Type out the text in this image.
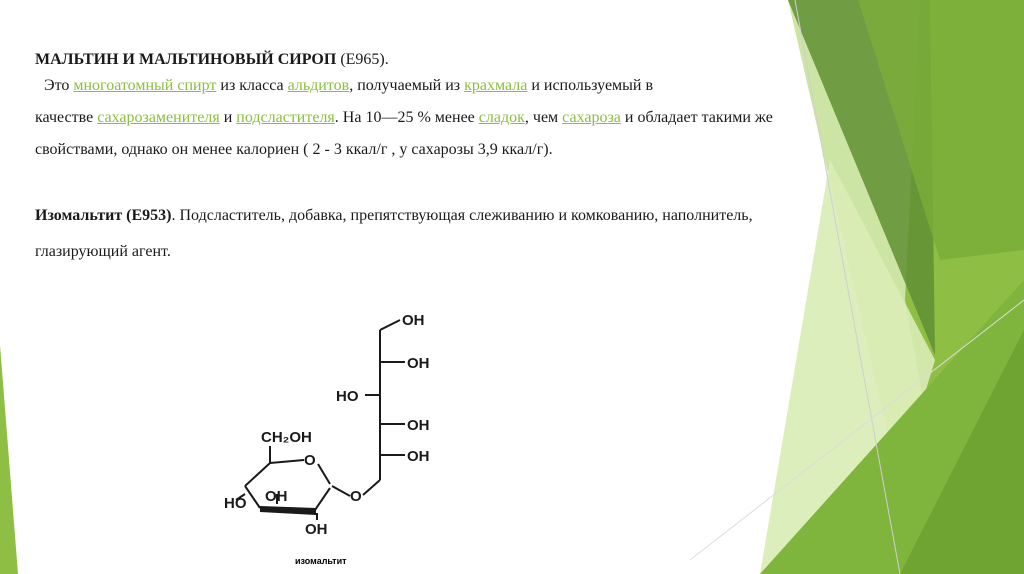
МАЛЬТИН И МАЛЬТИНОВЫЙ СИРОП (E965).
Это многоатомный спирт из класса альдитов, получаемый из крахмала и используемый в
качестве сахарозаменителя и подсластителя. На 10—25 % менее сладок, чем сахароза и обладает такими же
свойствами, однако он менее калориен ( 2 - 3 ккал/г , у сахарозы 3,9 ккал/г).
Изомальтит (E953). Подсластитель, добавка, препятствующая слеживанию и комкованию, наполнитель,
глазирующий агент.
OH
OH
HO
OH
OH
CH₂OH
O
HO OH
OH
O
изомальтит
